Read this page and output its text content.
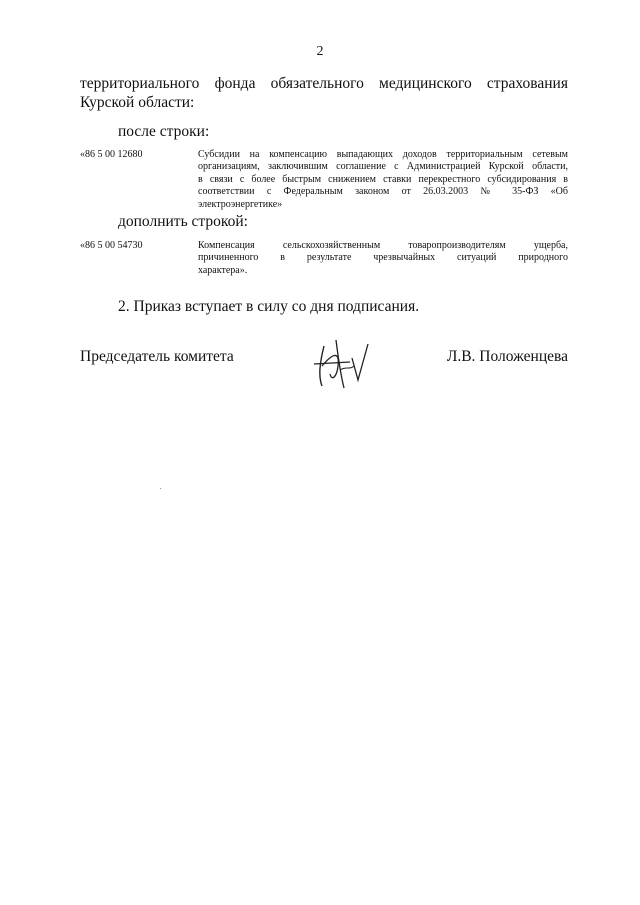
2
территориального фонда обязательного медицинского страхования
Курской области:
после строки:
«86 5 00 12680	Субсидии на компенсацию выпадающих доходов территориальным сетевым
организациям, заключившим соглашение с Администрацией Курской области,
в связи с более быстрым снижением ставки перекрестного субсидирования в
соответствии с Федеральным законом от 26.03.2003 № 35-ФЗ «Об
электроэнергетике»
дополнить строкой:
«86 5 00 54730	Компенсация сельскохозяйственным товаропроизводителям ущерба,
причиненного в результате чрезвычайных ситуаций природного
характера».
2. Приказ вступает в силу со дня подписания.
Председатель комитета	Л.В. Положенцева
